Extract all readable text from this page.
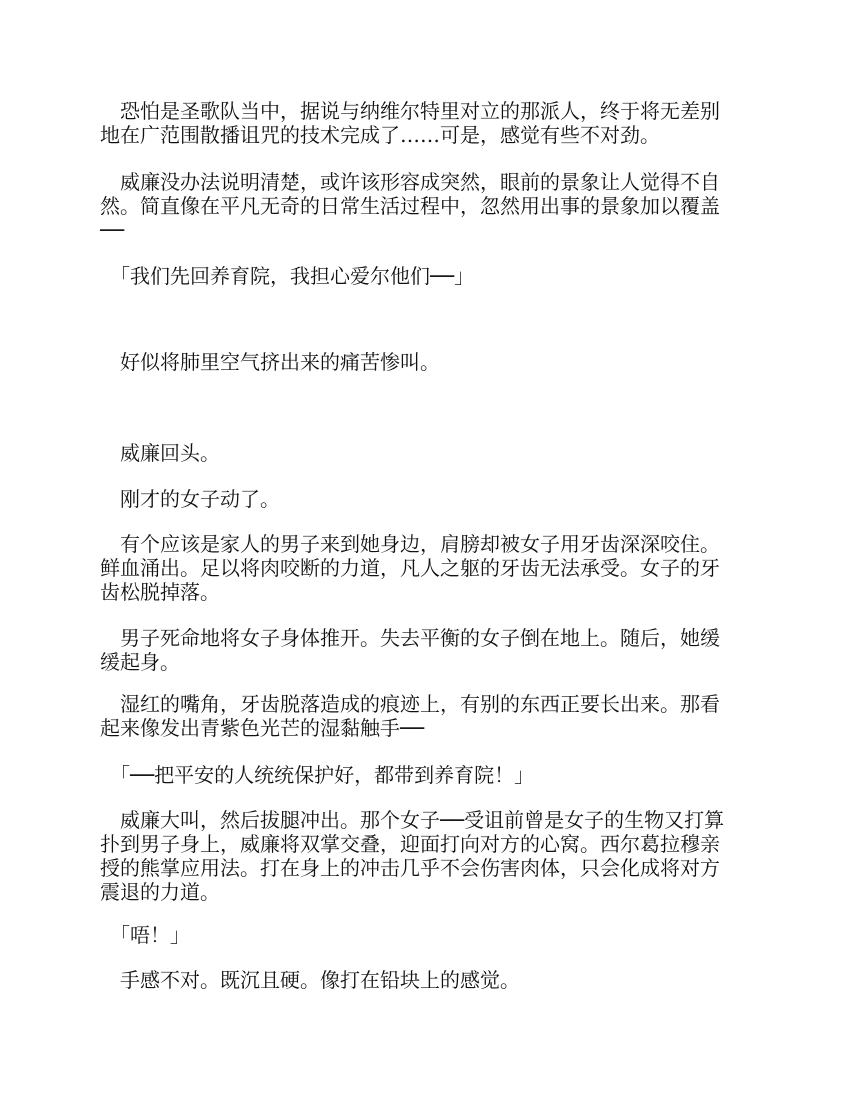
　恐怕是圣歌队当中，据说与纳维尔特里对立的那派人，终于将无差别
地在广范围散播诅咒的技术完成了……可是，感觉有些不对劲。

　威廉没办法说明清楚，或许该形容成突然，眼前的景象让人觉得不自
然。简直像在平凡无奇的日常生活过程中，忽然用出事的景象加以覆盖
──

　「我们先回养育院，我担心爱尔他们──」

　好似将肺里空气挤出来的痛苦惨叫。

　威廉回头。

　刚才的女子动了。

　有个应该是家人的男子来到她身边，肩膀却被女子用牙齿深深咬住。
鲜血涌出。足以将肉咬断的力道，凡人之躯的牙齿无法承受。女子的牙
齿松脱掉落。

　男子死命地将女子身体推开。失去平衡的女子倒在地上。随后，她缓
缓起身。

　湿红的嘴角，牙齿脱落造成的痕迹上，有别的东西正要长出来。那看
起来像发出青紫色光芒的湿黏触手──

　「──把平安的人统统保护好，都带到养育院！」

　威廉大叫，然后拔腿冲出。那个女子──受诅前曾是女子的生物又打算
扑到男子身上，威廉将双掌交叠，迎面打向对方的心窝。西尔葛拉穆亲
授的熊掌应用法。打在身上的冲击几乎不会伤害肉体，只会化成将对方
震退的力道。

　「唔！」

　手感不对。既沉且硬。像打在铅块上的感觉。
